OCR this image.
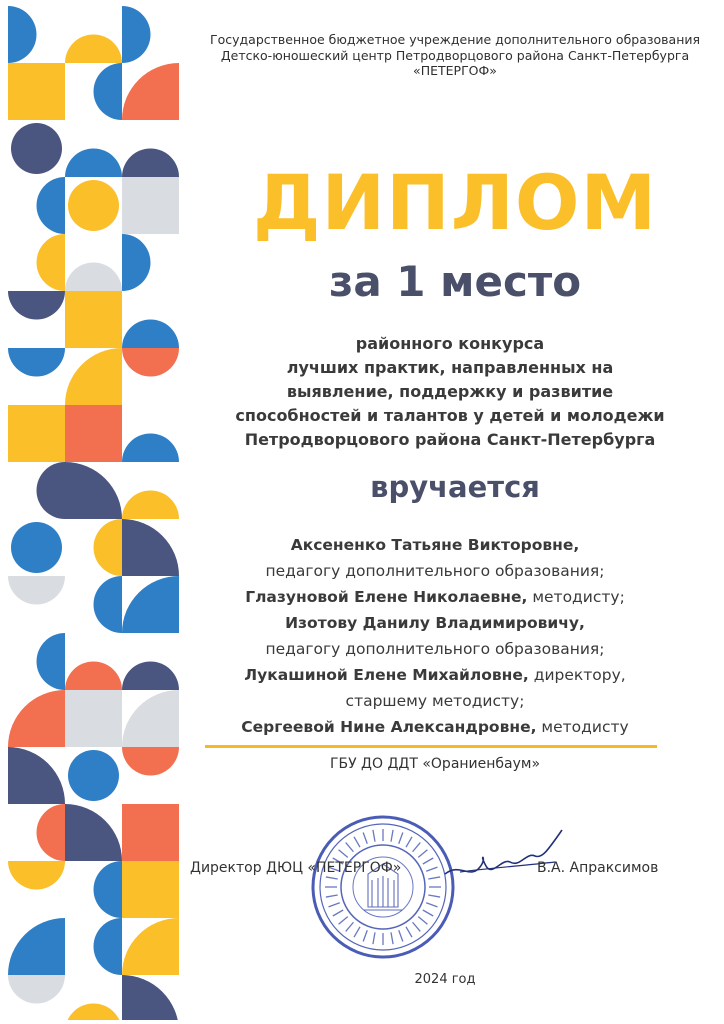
Государственное бюджетное учреждение дополнительного образования
Детско-юношеский центр Петродворцового района Санкт-Петербурга
«ПЕТЕРГОФ»
ДИПЛОМ
за 1 место
районного конкурса
лучших практик, направленных на
выявление, поддержку и развитие
способностей и талантов у детей и молодежи
Петродворцового района Санкт-Петербурга
вручается
Аксененко Татьяне Викторовне,
педагогу дополнительного образования;
Глазуновой Елене Николаевне, методисту;
Изотову Данилу Владимировичу,
педагогу дополнительного образования;
Лукашиной Елене Михайловне, директору,
старшему методисту;
Сергеевой Нине Александровне, методисту
ГБУ ДО ДДТ «Ораниенбаум»
Директор ДЮЦ «ПЕТЕРГОФ»	В.А. Апраксимов
2024 год
